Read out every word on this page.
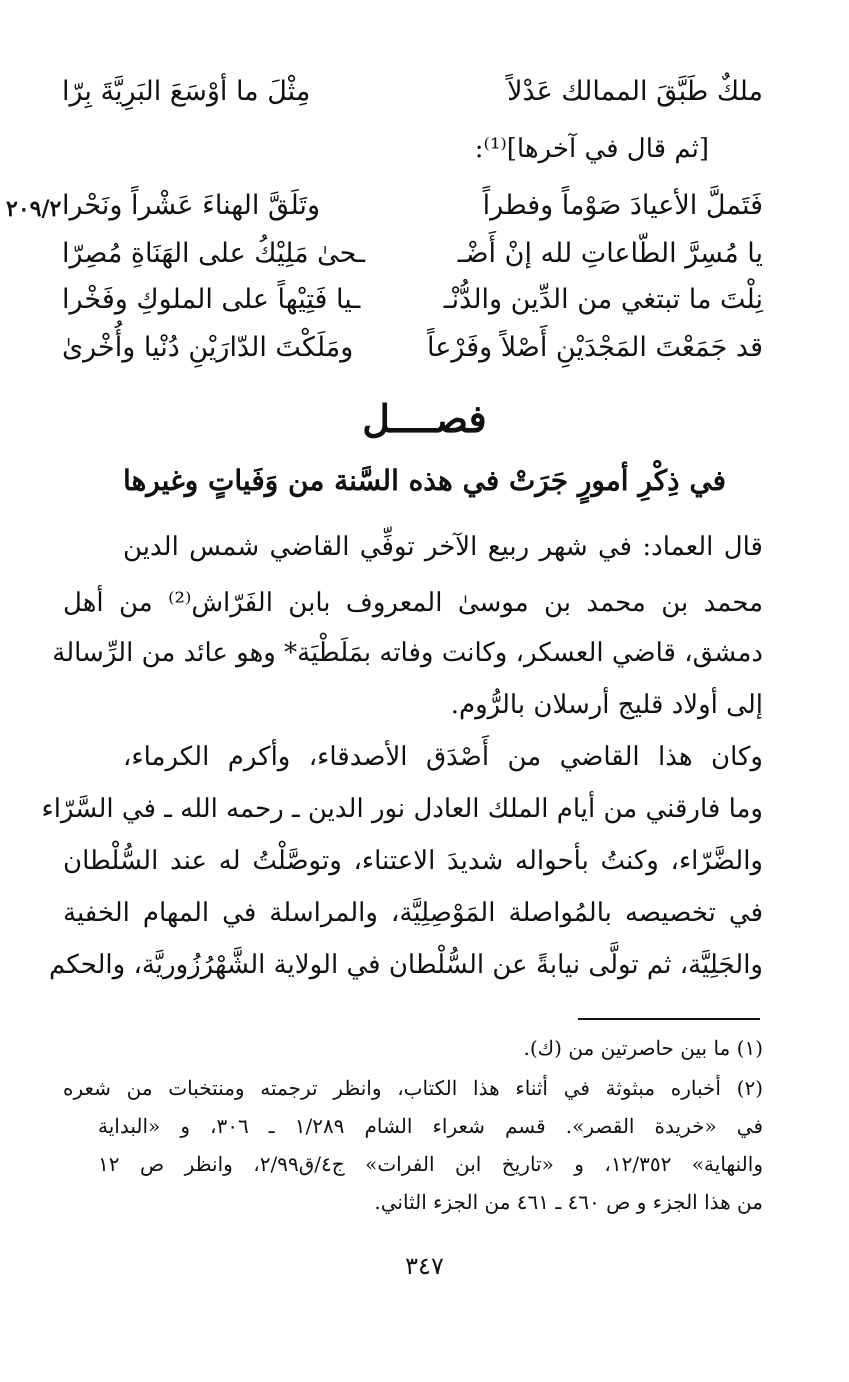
ملكٌ طَبَّقَ الممالك عَدْلاً
مِثْلَ ما أوْسَعَ البَرِيَّةَ بِرّا
[ثم قال في آخرها]⁽¹⁾:
۲۰۹/۲	فَتَملَّ الأعيادَ صَوْماً وفطراً
وتَلَقَّ الهناءَ عَشْراً ونَحْرا
يا مُسِرَّ الطّاعاتِ لله إنْ أَضْـ
ـحىٰ مَلِيْكُ على الهَنَاةِ مُصِرّا
نِلْتَ ما تبتغي من الدِّين والدُّنْـ
ـيا فَتِيْهاً على الملوكِ وفَخْرا
قد جَمَعْتَ المَجْدَيْنِ أَصْلاً وفَرْعاً
ومَلَكْتَ الدّارَيْنِ دُنْيا وأُخْرىٰ
فصــــل
في ذِكْرِ أمورٍ جَرَتْ في هذه السَّنة من وَفَياتٍ وغيرها
قال العماد: في شهر ربيع الآخر توفِّي القاضي شمس الدين
محمد بن محمد بن موسىٰ المعروف بابن الفَرّاش⁽²⁾ من أهل
دمشق، قاضي العسكر، وكانت وفاته بمَلَطْيَة* وهو عائد من الرِّسالة
إلى أولاد قليج أرسلان بالرُّوم.
وكان هذا القاضي من أَصْدَق الأصدقاء، وأكرم الكرماء،
وما فارقني من أيام الملك العادل نور الدين ـ رحمه الله ـ في السَّرّاء
والضَّرّاء، وكنتُ بأحواله شديدَ الاعتناء، وتوصَّلْتُ له عند السُّلْطان
في تخصيصه بالمُواصلة المَوْصِلِيَّة، والمراسلة في المهام الخفية
والجَلِيَّة، ثم تولَّى نيابةً عن السُّلْطان في الولاية الشَّهْرُزُوريَّة، والحكم
(١) ما بين حاصرتين من (ك).
(٢) أخباره مبثوثة في أثناء هذا الكتاب، وانظر ترجمته ومنتخبات من شعره
في «خريدة القصر». قسم شعراء الشام ١/٢٨٩ ـ ٣٠٦، و «البداية
والنهاية» ١٢/٣٥٢، و «تاريخ ابن الفرات» ج٤/ق٢/٩٩، وانظر ص ١٢
من هذا الجزء و ص ٤٦٠ ـ ٤٦١ من الجزء الثاني.
٣٤٧
